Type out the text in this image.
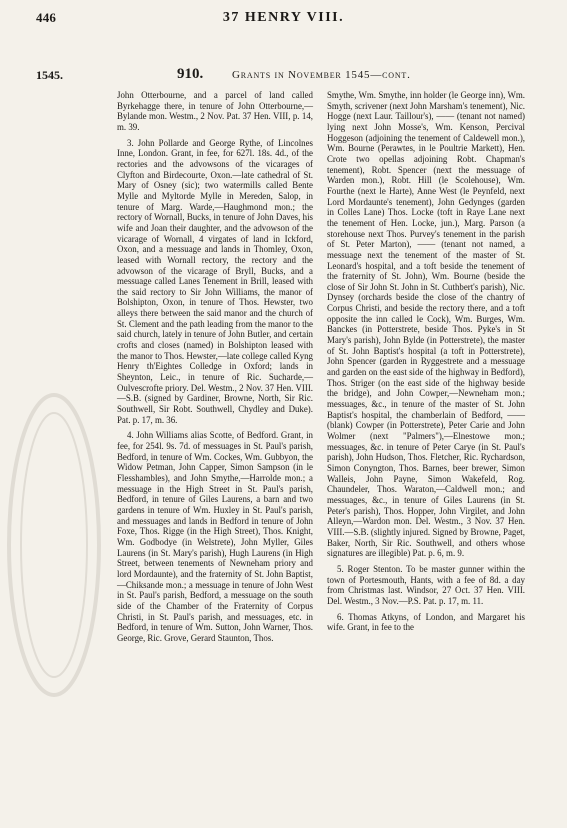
446	37 HENRY VIII.
1545.	910.	Grants in November 1545—cont.

John Otterbourne, and a parcel of land called Byrkehagge there, in tenure of John Otterbourne,—Bylande mon. Westm., 2 Nov. Pat. 37 Hen. VIII, p. 14, m. 39.

3. John Pollarde and George Rythe, of Lincolnes Inne, London. Grant, in fee, for 627l. 18s. 4d., of the rectories and the advowsons of the vicarages of Clyfton and Birdecourte, Oxon.—late cathedral of St. Mary of Osney (sic); two watermills called Bente Mylle and Myltorde Mylle in Mereden, Salop, in tenure of Marg. Warde,—Haughmond mon.; the rectory of Wornall, Bucks, in tenure of John Daves, his wife and Joan their daughter, and the advowson of the vicarage of Wornall, 4 virgates of land in Ickford, Oxon, and a messuage and lands in Thomley, Oxon, leased with Wornall rectory, the rectory and the advowson of the vicarage of Bryll, Bucks, and a messuage called Lanes Tenement in Brill, leased with the said rectory to Sir John Williams, the manor of Bolshipton, Oxon, in tenure of Thos. Hewster, two alleys there between the said manor and the church of St. Clement and the path leading from the manor to the said church, lately in tenure of John Butler, and certain crofts and closes (named) in Bolshipton leased with the manor to Thos. Hewster,—late college called Kyng Henry th'Eightes Colledge in Oxford; lands in Sheynton, Leic., in tenure of Ric. Sucharde,—Oulvescrofte priory. Del. Westm., 2 Nov. 37 Hen. VIII.—S.B. (signed by Gardiner, Browne, North, Sir Ric. Southwell, Sir Robt. Southwell, Chydley and Duke). Pat. p. 17, m. 36.

4. John Williams alias Scotte, of Bedford. Grant, in fee, for 254l. 9s. 7d. of messuages in St. Paul's parish, Bedford, in tenure of Wm. Cockes, Wm. Gubbyon, the Widow Petman, John Capper, Simon Sampson (in le Flesshambles), and John Smythe,—Harrolde mon.; a messuage in the High Street in St. Paul's parish, Bedford, in tenure of Giles Laurens, a barn and two gardens in tenure of Wm. Huxley in St. Paul's parish, and messuages and lands in Bedford in tenure of John Foxe, Thos. Rigge (in the High Street), Thos. Knight, Wm. Godbodye (in Welstrete), John Myller, Giles Laurens (in St. Mary's parish), Hugh Laurens (in High Street, between tenements of Newneham priory and lord Mordaunte), and the fraternity of St. John Baptist,—Chiksande mon.; a messuage in tenure of John West in St. Paul's parish, Bedford, a messuage on the south side of the Chamber of the Fraternity of Corpus Christi, in St. Paul's parish, and messuages, etc. in Bedford, in tenure of Wm. Sutton, John Warner, Thos. George, Ric. Grove, Gerard Staunton, Thos.

Smythe, Wm. Smythe, inn holder (le George inn), Wm. Smyth, scrivener (next John Marsham's tenement), Nic. Hogge (next Laur. Taillour's), —— (tenant not named) lying next John Mosse's, Wm. Kenson, Percival Hoggeson (adjoining the tenement of Caldewell mon.), Wm. Bourne (Perawtes, in le Poultrie Markett), Hen. Crote two opellas adjoining Robt. Chapman's tenement), Robt. Spencer (next the messuage of Warden mon.), Robt. Hill (le Scolehouse), Wm. Fourthe (next le Harte), Anne West (le Peynfeld, next Lord Mordaunte's tenement), John Gedynges (garden in Colles Lane) Thos. Locke (toft in Raye Lane next the tenement of Hen. Locke, jun.), Marg. Parson (a storehouse next Thos. Purvey's tenement in the parish of St. Peter Marton), —— (tenant not named, a messuage next the tenement of the master of St. Leonard's hospital, and a toft beside the tenement of the fraternity of St. John), Wm. Bourne (beside the close of Sir John St. John in St. Cuthbert's parish), Nic. Dynsey (orchards beside the close of the chantry of Corpus Christi, and beside the rectory there, and a toft opposite the inn called le Cock), Wm. Burges, Wm. Banckes (in Potterstrete, beside Thos. Pyke's in St Mary's parish), John Bylde (in Potterstrete), the master of St. John Baptist's hospital (a toft in Potterstrete), John Spencer (garden in Ryggestrete and a messuage and garden on the east side of the highway in Bedford), Thos. Striger (on the east side of the highway beside the bridge), and John Cowper,—Newneham mon.; messuages, &c., in tenure of the master of St. John Baptist's hospital, the chamberlain of Bedford, —— (blank) Cowper (in Potterstrete), Peter Carie and John Wolmer (next "Palmers"),—Elnestowe mon.; messuages, &c. in tenure of Peter Carye (in St. Paul's parish), John Hudson, Thos. Fletcher, Ric. Rychardson, Simon Conyngton, Thos. Barnes, beer brewer, Simon Walleis, John Payne, Simon Wakefeld, Rog. Chaundeler, Thos. Waraton,—Caldwell mon.; and messuages, &c., in tenure of Giles Laurens (in St. Peter's parish), Thos. Hopper, John Virgilet, and John Alleyn,—Wardon mon. Del. Westm., 3 Nov. 37 Hen. VIII.—S.B. (slightly injured. Signed by Browne, Paget, Baker, North, Sir Ric. Southwell, and others whose signatures are illegible) Pat. p. 6, m. 9.

5. Roger Stenton. To be master gunner within the town of Portesmouth, Hants, with a fee of 8d. a day from Christmas last. Windsor, 27 Oct. 37 Hen. VIII. Del. Westm., 3 Nov.—P.S. Pat. p. 17, m. 11.

6. Thomas Atkyns, of London, and Margaret his wife. Grant, in fee to the
